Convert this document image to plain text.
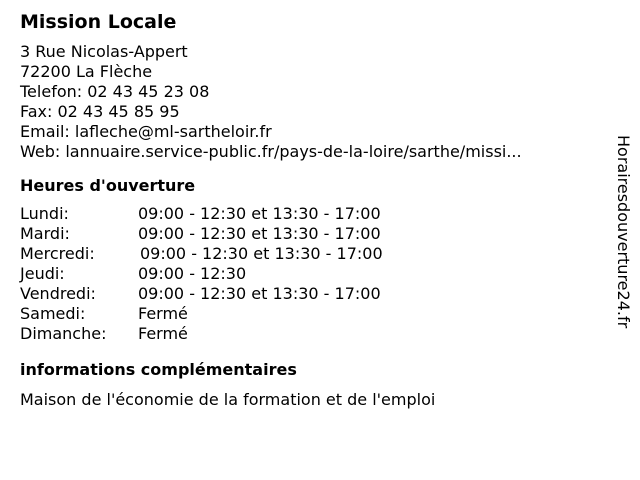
Mission Locale
3 Rue Nicolas-Appert
72200 La Flèche
Telefon: 02 43 45 23 08
Fax: 02 43 45 85 95
Email: lafleche@ml-sartheloir.fr
Web: lannuaire.service-public.fr/pays-de-la-loire/sarthe/missi...
Heures d'ouverture
Lundi:	09:00 - 12:30 et 13:30 - 17:00
Mardi:	09:00 - 12:30 et 13:30 - 17:00
Mercredi:	09:00 - 12:30 et 13:30 - 17:00
Jeudi:	09:00 - 12:30
Vendredi:	09:00 - 12:30 et 13:30 - 17:00
Samedi:	Fermé
Dimanche:	Fermé
informations complémentaires
Maison de l'économie de la formation et de l'emploi
Horairesdouverture24.fr
